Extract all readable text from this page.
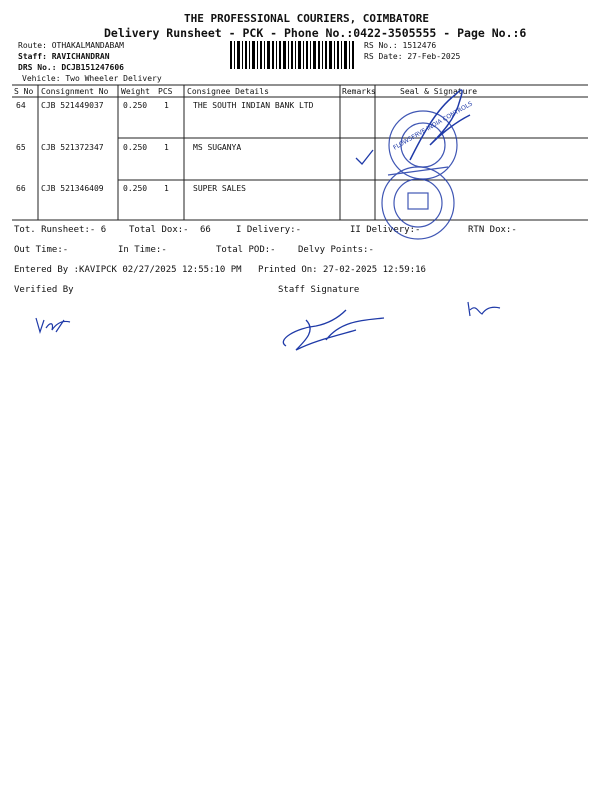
THE PROFESSIONAL COURIERS, COIMBATORE
Delivery Runsheet - PCK - Phone No.:0422-3505555 - Page No.:6
Route: OTHAKALMANDABAM
Staff: RAVICHANDRAN
DRS No.: DCJB151247606
Vehicle: Two Wheeler Delivery
RS No.: 1512476
RS Date: 27-Feb-2025
S No Consignment No Weight PCS Consignee Details	Remarks	Seal & Signature
64 CJB 521449037 0.250 1	THE SOUTH INDIAN BANK LTD
65 CJB 521372347 0.250 1	MS SUGANYA
66 CJB 521346409 0.250 1	SUPER SALES
Tot. Runsheet:- 6	Total Dox:- 66	I Delivery:-	II Delivery:-	RTN Dox:-
Out Time:-	In Time:-	Total POD:- Delvy Points:-
Entered By :KAVIPCK 02/27/2025 12:55:10 PM Printed On: 27-02-2025 12:59:16
Verified By	Staff Signature
FLOWSERVE INDIA CONTROLS
